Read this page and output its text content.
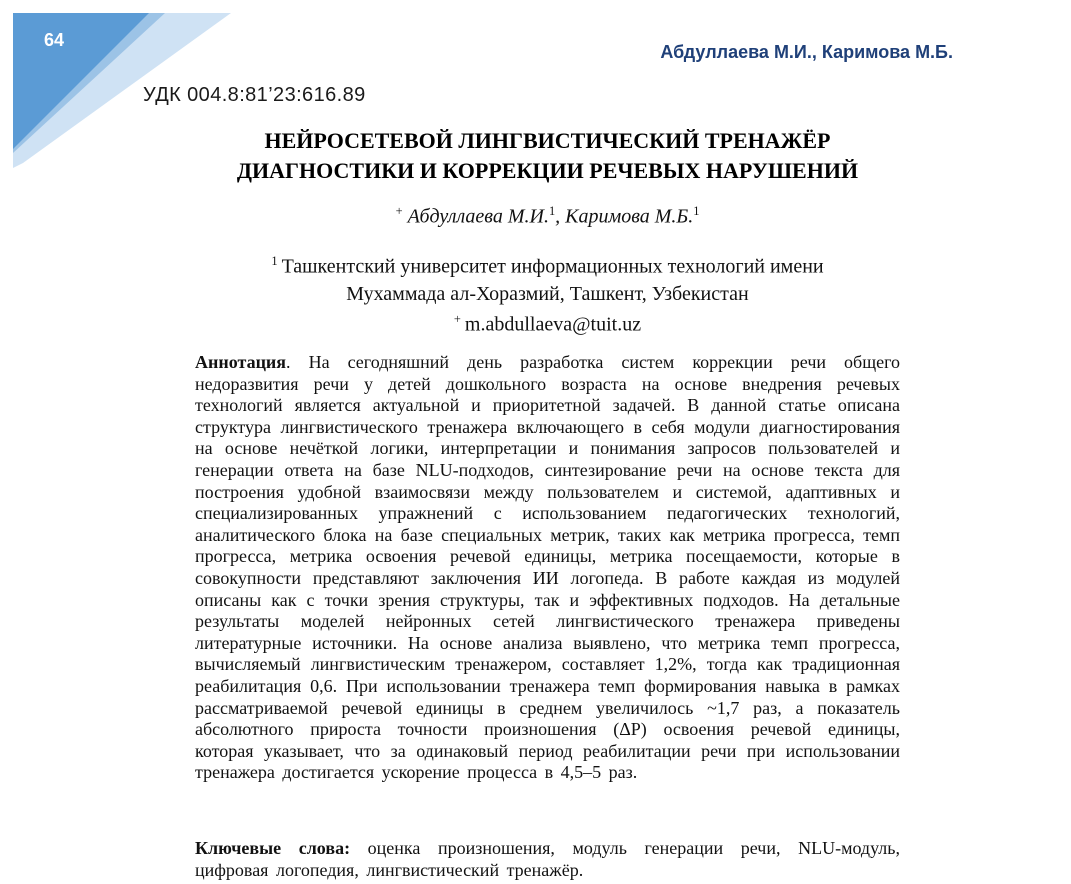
64
Абдуллаева М.И., Каримова М.Б.
УДК 004.8:81’23:616.89
НЕЙРОСЕТЕВОЙ ЛИНГВИСТИЧЕСКИЙ ТРЕНАЖЁР
ДИАГНОСТИКИ И КОРРЕКЦИИ РЕЧЕВЫХ НАРУШЕНИЙ
+ Абдуллаева М.И.$^1$, Каримова М.Б.$^1$
$^1$ Ташкентский университет информационных технологий имени
Мухаммада ал-Хоразмий, Ташкент, Узбекистан
+ m.abdullaeva@tuit.uz

Аннотация. На сегодняшний день разработка систем коррекции речи общего недоразвития речи у детей дошкольного возраста на основе внедрения речевых технологий является актуальной и приоритетной задачей. В данной статье описана структура лингвистического тренажера включающего в себя модули диагностирования на основе нечёткой логики, интерпретации и понимания запросов пользователей и генерации ответа на базе NLU-подходов, синтезирование речи на основе текста для построения удобной взаимосвязи между пользователем и системой, адаптивных и специализированных упражнений с использованием педагогических технологий, аналитического блока на базе специальных метрик, таких как метрика прогресса, темп прогресса, метрика освоения речевой единицы, метрика посещаемости, которые в совокупности представляют заключения ИИ логопеда. В работе каждая из модулей описаны как с точки зрения структуры, так и эффективных подходов. На детальные результаты моделей нейронных сетей лингвистического тренажера приведены литературные источники. На основе анализа выявлено, что метрика темп прогресса, вычисляемый лингвистическим тренажером, составляет 1,2%, тогда как традиционная реабилитация 0,6. При использовании тренажера темп формирования навыка в рамках рассматриваемой речевой единицы в среднем увеличилось ~1,7 раз, а показатель абсолютного прироста точности произношения (ΔР) освоения речевой единицы, которая указывает, что за одинаковый период реабилитации речи при использовании тренажера достигается ускорение процесса в 4,5–5 раз.

Ключевые слова: оценка произношения, модуль генерации речи, NLU-модуль, цифровая логопедия, лингвистический тренажёр.
